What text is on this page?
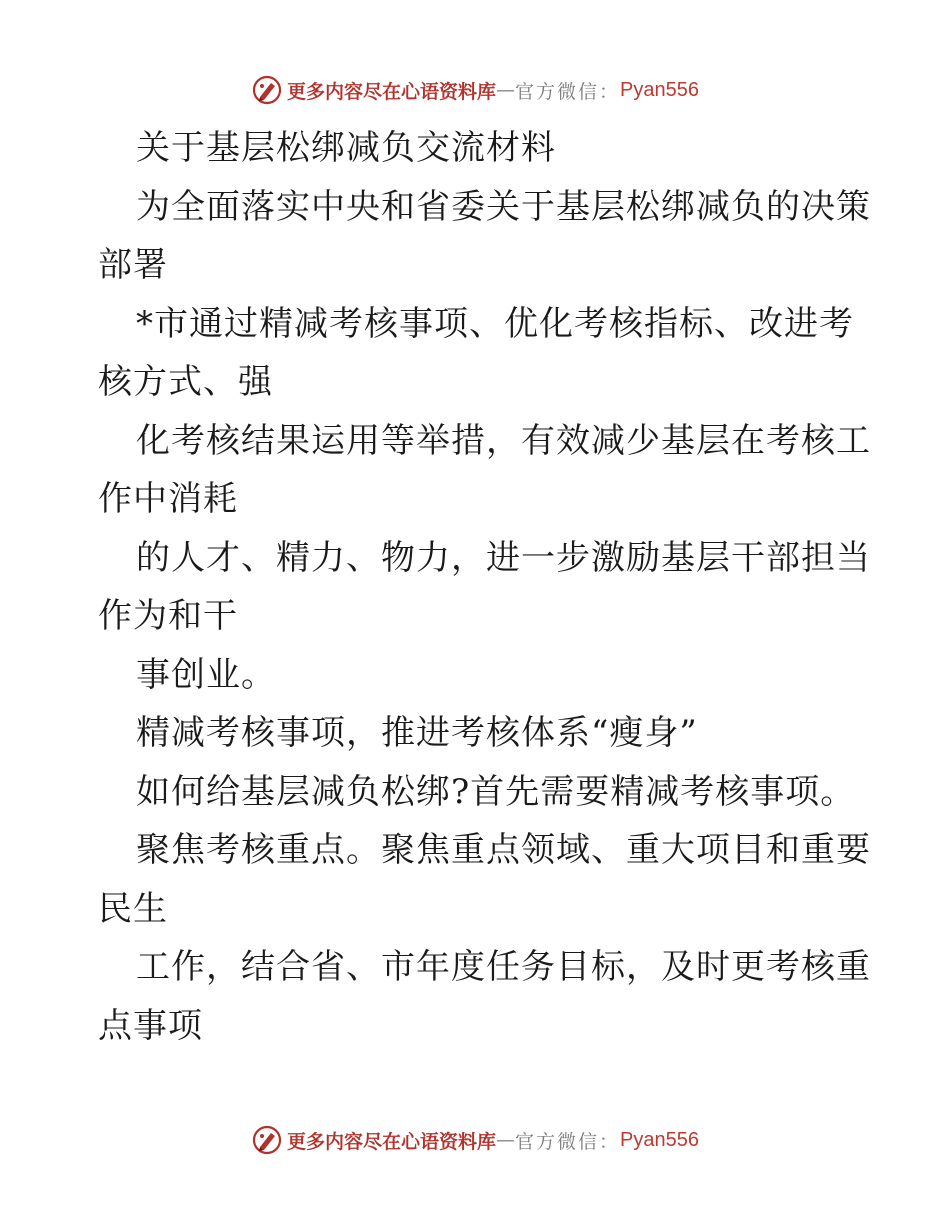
更多内容尽在心语资料库 — 官方微信： Pyan556
关于基层松绑减负交流材料
为全面落实中央和省委关于基层松绑减负的决策
部署
*市通过精减考核事项、优化考核指标、改进考
核方式、强
化考核结果运用等举措，有效减少基层在考核工
作中消耗
的人才、精力、物力，进一步激励基层干部担当
作为和干
事创业。
精减考核事项，推进考核体系“瘦身”
如何给基层减负松绑?首先需要精减考核事项。
聚焦考核重点。聚焦重点领域、重大项目和重要
民生
工作，结合省、市年度任务目标，及时更考核重
点事项
更多内容尽在心语资料库 — 官方微信： Pyan556
